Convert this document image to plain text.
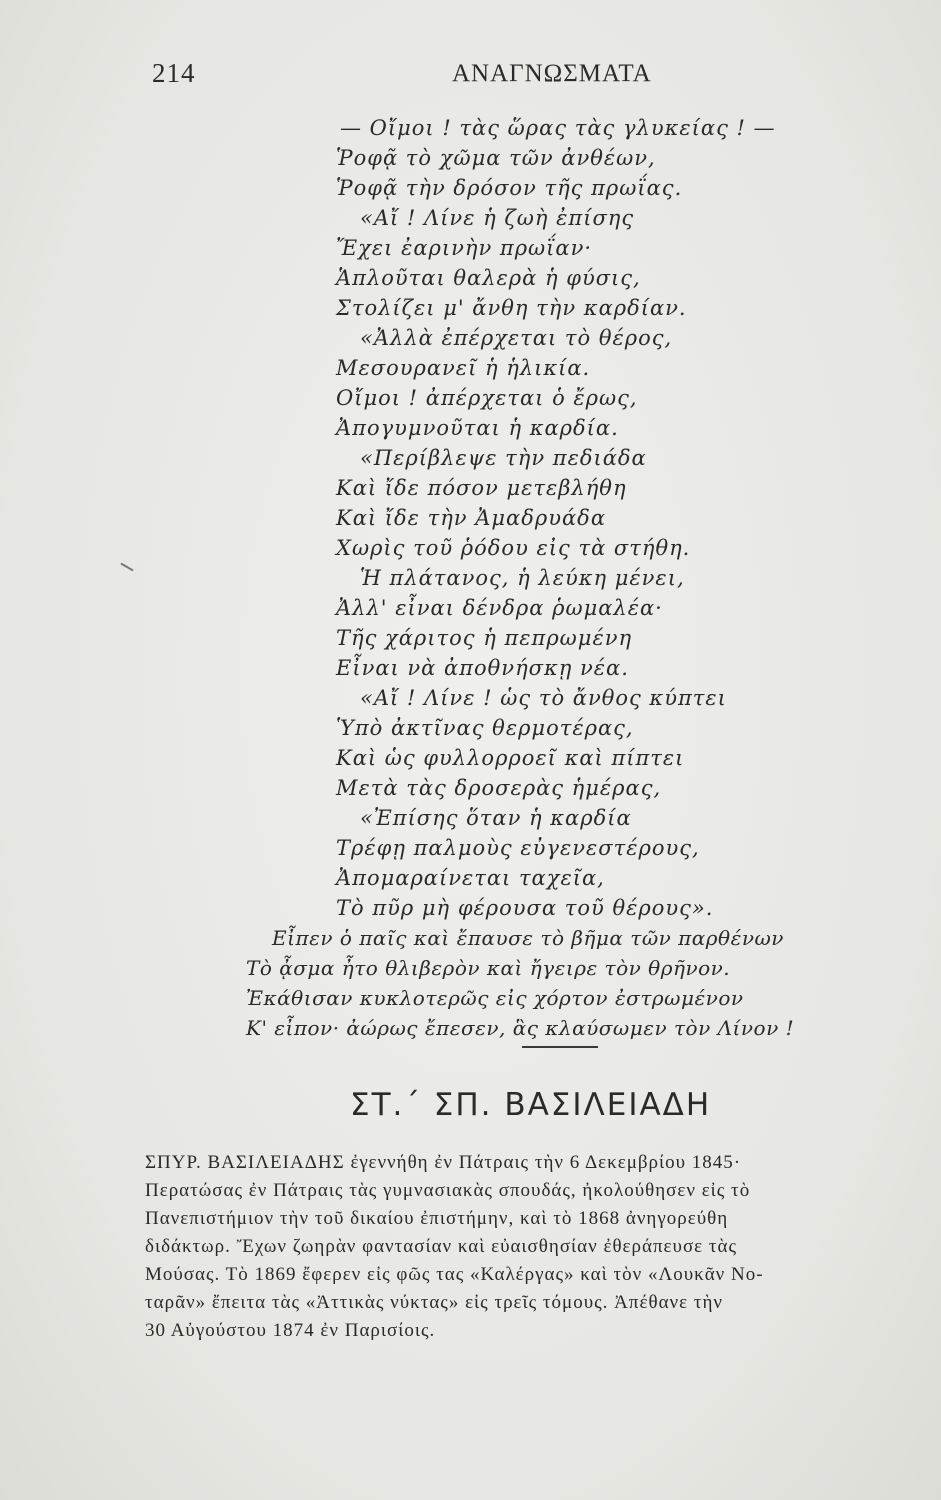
214	ΑΝΑΓΝΩΣΜΑΤΑ
— Οἴμοι ! τὰς ὥρας τὰς γλυκείας ! —
Ῥοφᾷ τὸ χῶμα τῶν ἀνθέων,
Ῥοφᾷ τὴν δρόσον τῆς πρωΐας.
«Αἴ ! Λίνε ἡ ζωὴ ἐπίσης
Ἔχει ἐαρινὴν πρωΐαν·
Ἁπλοῦται θαλερὰ ἡ φύσις,
Στολίζει μ' ἄνθη τὴν καρδίαν.
«Ἀλλὰ ἐπέρχεται τὸ θέρος,
Μεσουρανεῖ ἡ ἡλικία.
Οἴμοι ! ἀπέρχεται ὁ ἔρως,
Ἀπογυμνοῦται ἡ καρδία.
«Περίβλεψε τὴν πεδιάδα
Καὶ ἴδε πόσον μετεβλήθη
Καὶ ἴδε τὴν Ἀμαδρυάδα
Χωρὶς τοῦ ῥόδου εἰς τὰ στήθη.
Ἡ πλάτανος, ἡ λεύκη μένει,
Ἀλλ' εἶναι δένδρα ῥωμαλέα·
Τῆς χάριτος ἡ πεπρωμένη
Εἶναι νὰ ἀποθνήσκῃ νέα.
«Αἴ ! Λίνε ! ὡς τὸ ἄνθος κύπτει
Ὑπὸ ἀκτῖνας θερμοτέρας,
Καὶ ὡς φυλλορροεῖ καὶ πίπτει
Μετὰ τὰς δροσερὰς ἡμέρας,
«Ἐπίσης ὅταν ἡ καρδία
Τρέφῃ παλμοὺς εὐγενεστέρους,
Ἀπομαραίνεται ταχεῖα,
Τὸ πῦρ μὴ φέρουσα τοῦ θέρους».
Εἶπεν ὁ παῖς καὶ ἔπαυσε τὸ βῆμα τῶν παρθένων
Τὸ ᾆσμα ἦτο θλιβερὸν καὶ ἤγειρε τὸν θρῆνον.
Ἐκάθισαν κυκλοτερῶς εἰς χόρτον ἐστρωμένον
Κ' εἶπον· ἀώρως ἔπεσεν, ἃς κλαύσωμεν τὸν Λίνον !
ΣΤ.΄ ΣΠ. ΒΑΣΙΛΕΙΑΔΗ
ΣΠΥΡ. ΒΑΣΙΛΕΙΑΔΗΣ ἐγεννήθη ἐν Πάτραις τὴν 6 Δεκεμβρίου 1845·
Περατώσας ἐν Πάτραις τὰς γυμνασιακὰς σπουδάς, ἠκολούθησεν εἰς τὸ
Πανεπιστήμιον τὴν τοῦ δικαίου ἐπιστήμην, καὶ τὸ 1868 ἀνηγορεύθη
διδάκτωρ. Ἔχων ζωηρὰν φαντασίαν καὶ εὐαισθησίαν ἐθεράπευσε τὰς
Μούσας. Τὸ 1869 ἔφερεν εἰς φῶς τας «Καλέργας» καὶ τὸν «Λουκᾶν Νο-
ταρᾶν» ἔπειτα τὰς «Ἀττικὰς νύκτας» εἰς τρεῖς τόμους. Ἀπέθανε τὴν
30 Αὐγούστου 1874 ἐν Παρισίοις.
